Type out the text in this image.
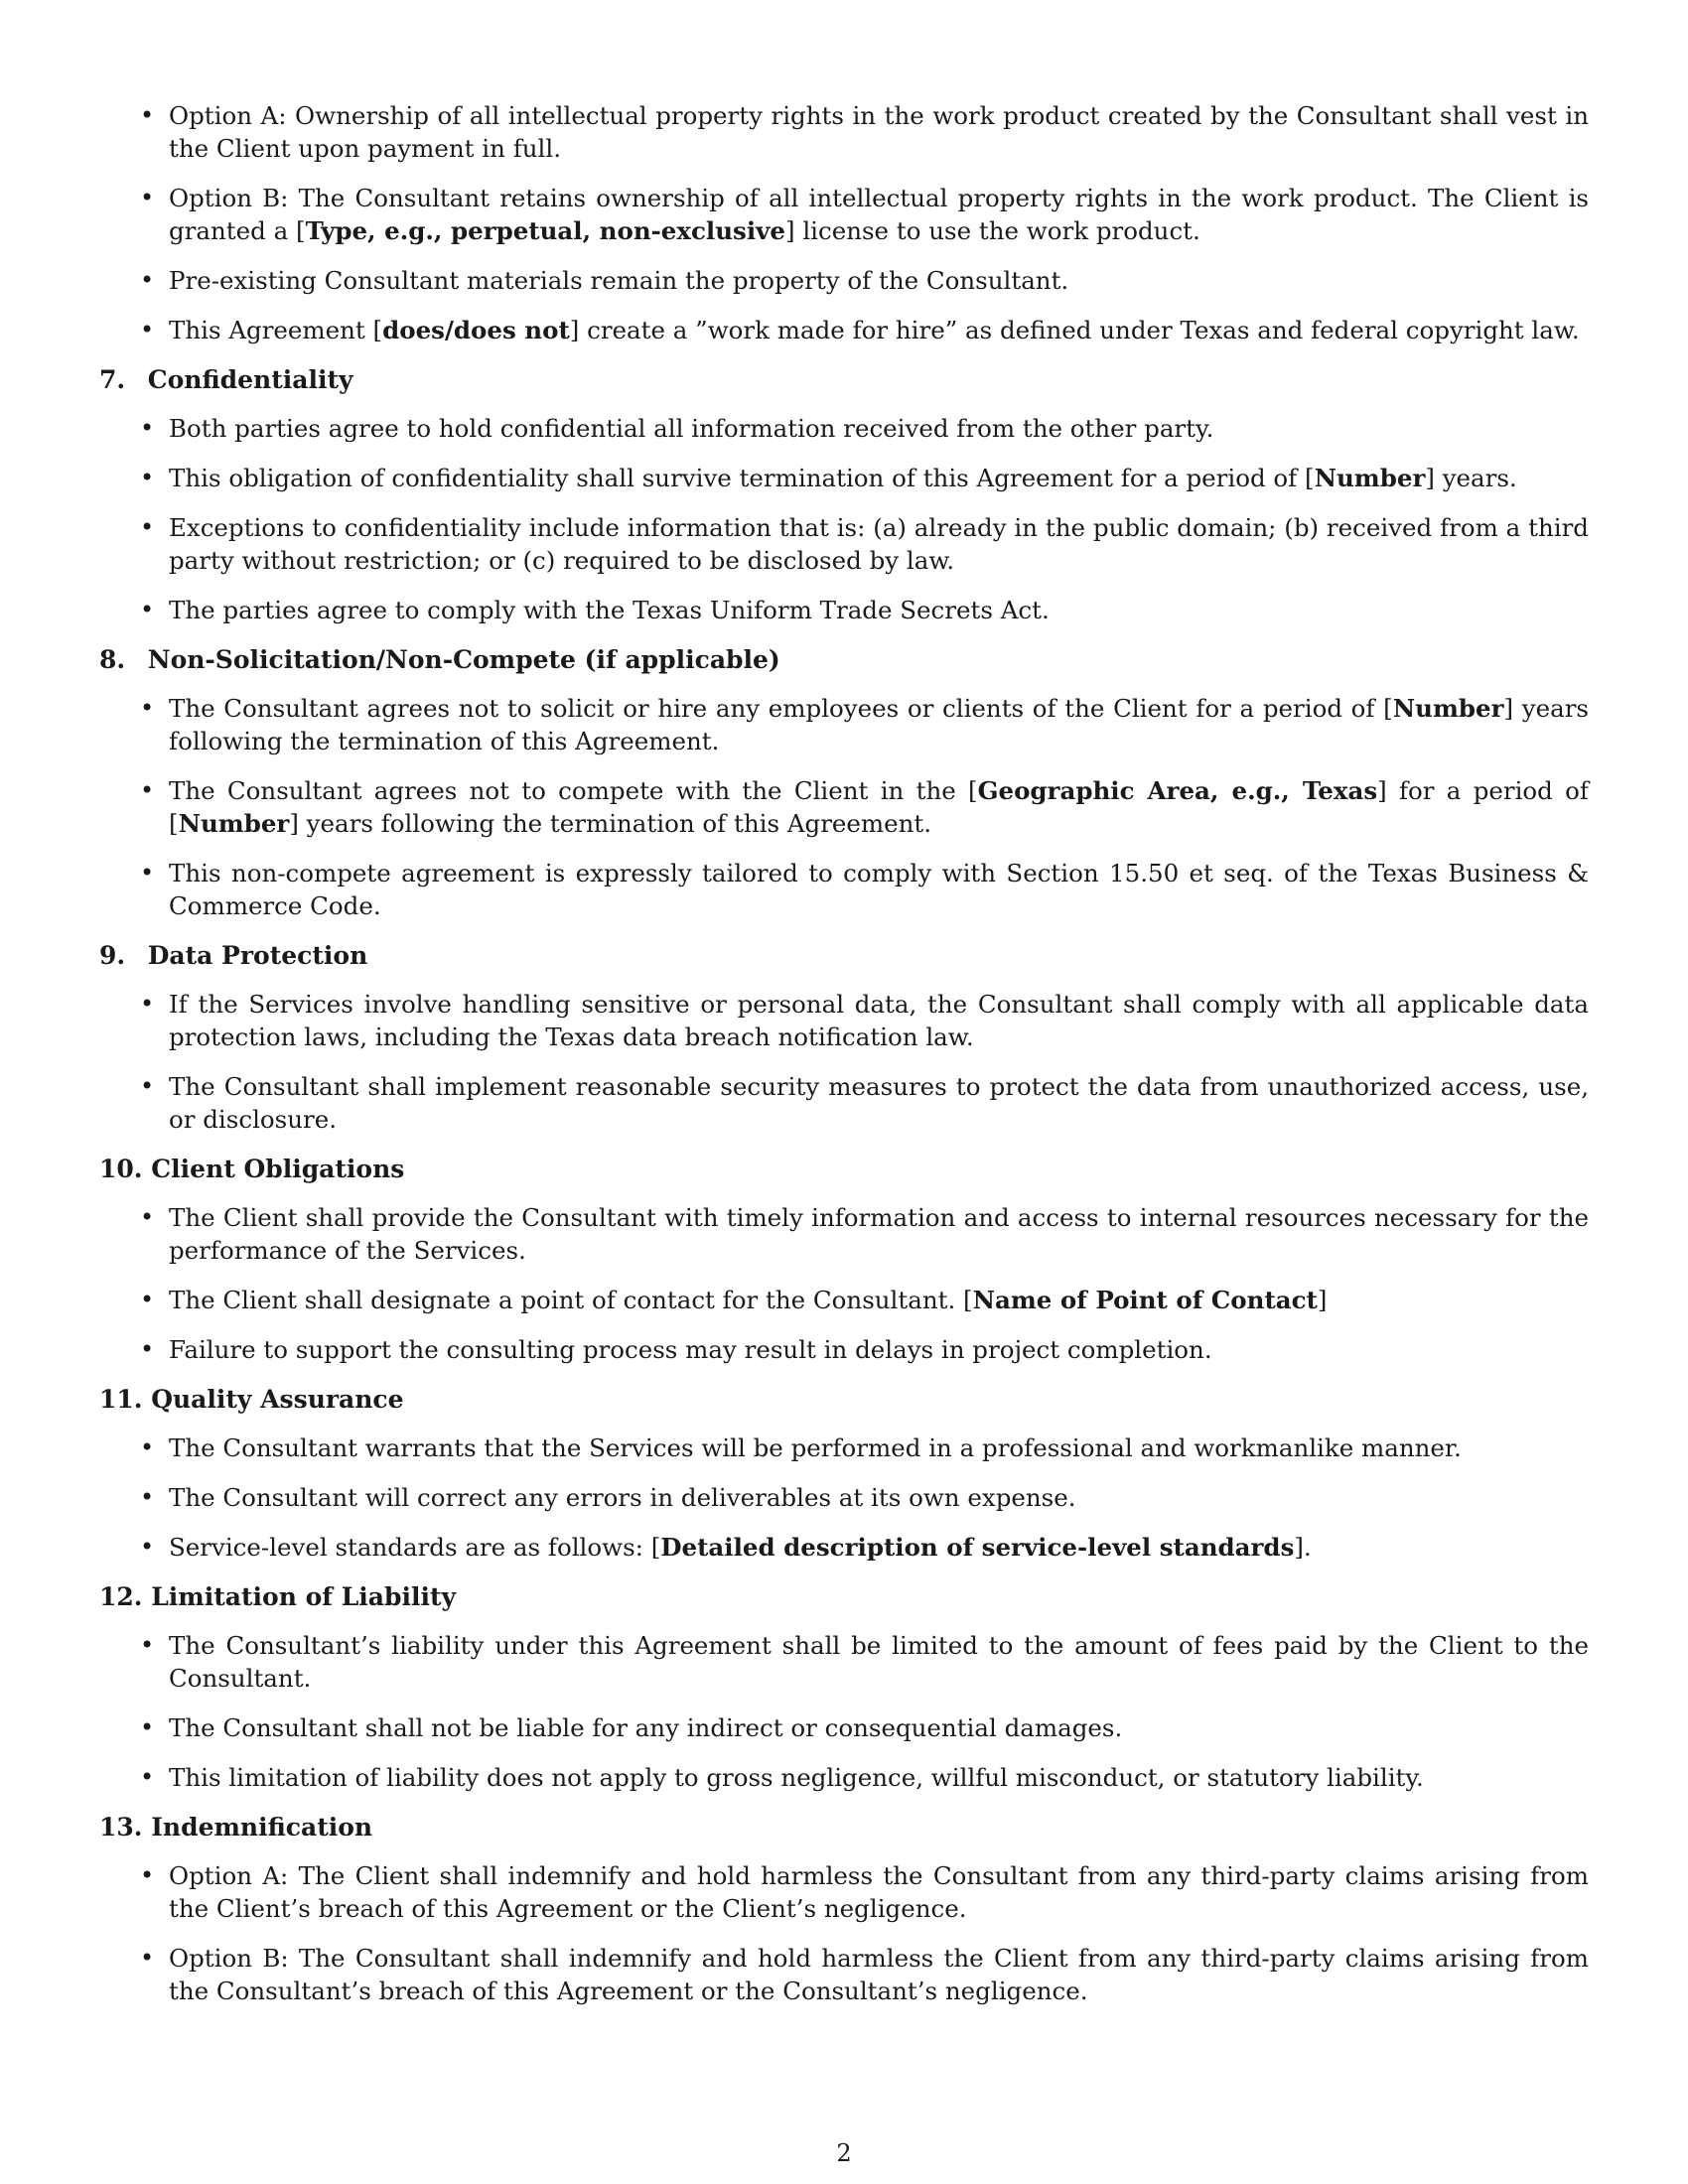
• Option A: Ownership of all intellectual property rights in the work product created by the Consultant shall vest in the Client upon payment in full.
• Option B: The Consultant retains ownership of all intellectual property rights in the work product. The Client is granted a [Type, e.g., perpetual, non-exclusive] license to use the work product.
• Pre-existing Consultant materials remain the property of the Consultant.
• This Agreement [does/does not] create a ”work made for hire” as defined under Texas and federal copyright law.
7. Confidentiality
• Both parties agree to hold confidential all information received from the other party.
• This obligation of confidentiality shall survive termination of this Agreement for a period of [Number] years.
• Exceptions to confidentiality include information that is: (a) already in the public domain; (b) received from a third party without restriction; or (c) required to be disclosed by law.
• The parties agree to comply with the Texas Uniform Trade Secrets Act.
8. Non-Solicitation/Non-Compete (if applicable)
• The Consultant agrees not to solicit or hire any employees or clients of the Client for a period of [Number] years following the termination of this Agreement.
• The Consultant agrees not to compete with the Client in the [Geographic Area, e.g., Texas] for a period of [Number] years following the termination of this Agreement.
• This non-compete agreement is expressly tailored to comply with Section 15.50 et seq. of the Texas Business & Commerce Code.
9. Data Protection
• If the Services involve handling sensitive or personal data, the Consultant shall comply with all applicable data protection laws, including the Texas data breach notification law.
• The Consultant shall implement reasonable security measures to protect the data from unauthorized access, use, or disclosure.
10. Client Obligations
• The Client shall provide the Consultant with timely information and access to internal resources necessary for the performance of the Services.
• The Client shall designate a point of contact for the Consultant. [Name of Point of Contact]
• Failure to support the consulting process may result in delays in project completion.
11. Quality Assurance
• The Consultant warrants that the Services will be performed in a professional and workmanlike manner.
• The Consultant will correct any errors in deliverables at its own expense.
• Service-level standards are as follows: [Detailed description of service-level standards].
12. Limitation of Liability
• The Consultant’s liability under this Agreement shall be limited to the amount of fees paid by the Client to the Consultant.
• The Consultant shall not be liable for any indirect or consequential damages.
• This limitation of liability does not apply to gross negligence, willful misconduct, or statutory liability.
13. Indemnification
• Option A: The Client shall indemnify and hold harmless the Consultant from any third-party claims arising from the Client’s breach of this Agreement or the Client’s negligence.
• Option B: The Consultant shall indemnify and hold harmless the Client from any third-party claims arising from the Consultant’s breach of this Agreement or the Consultant’s negligence.
2
